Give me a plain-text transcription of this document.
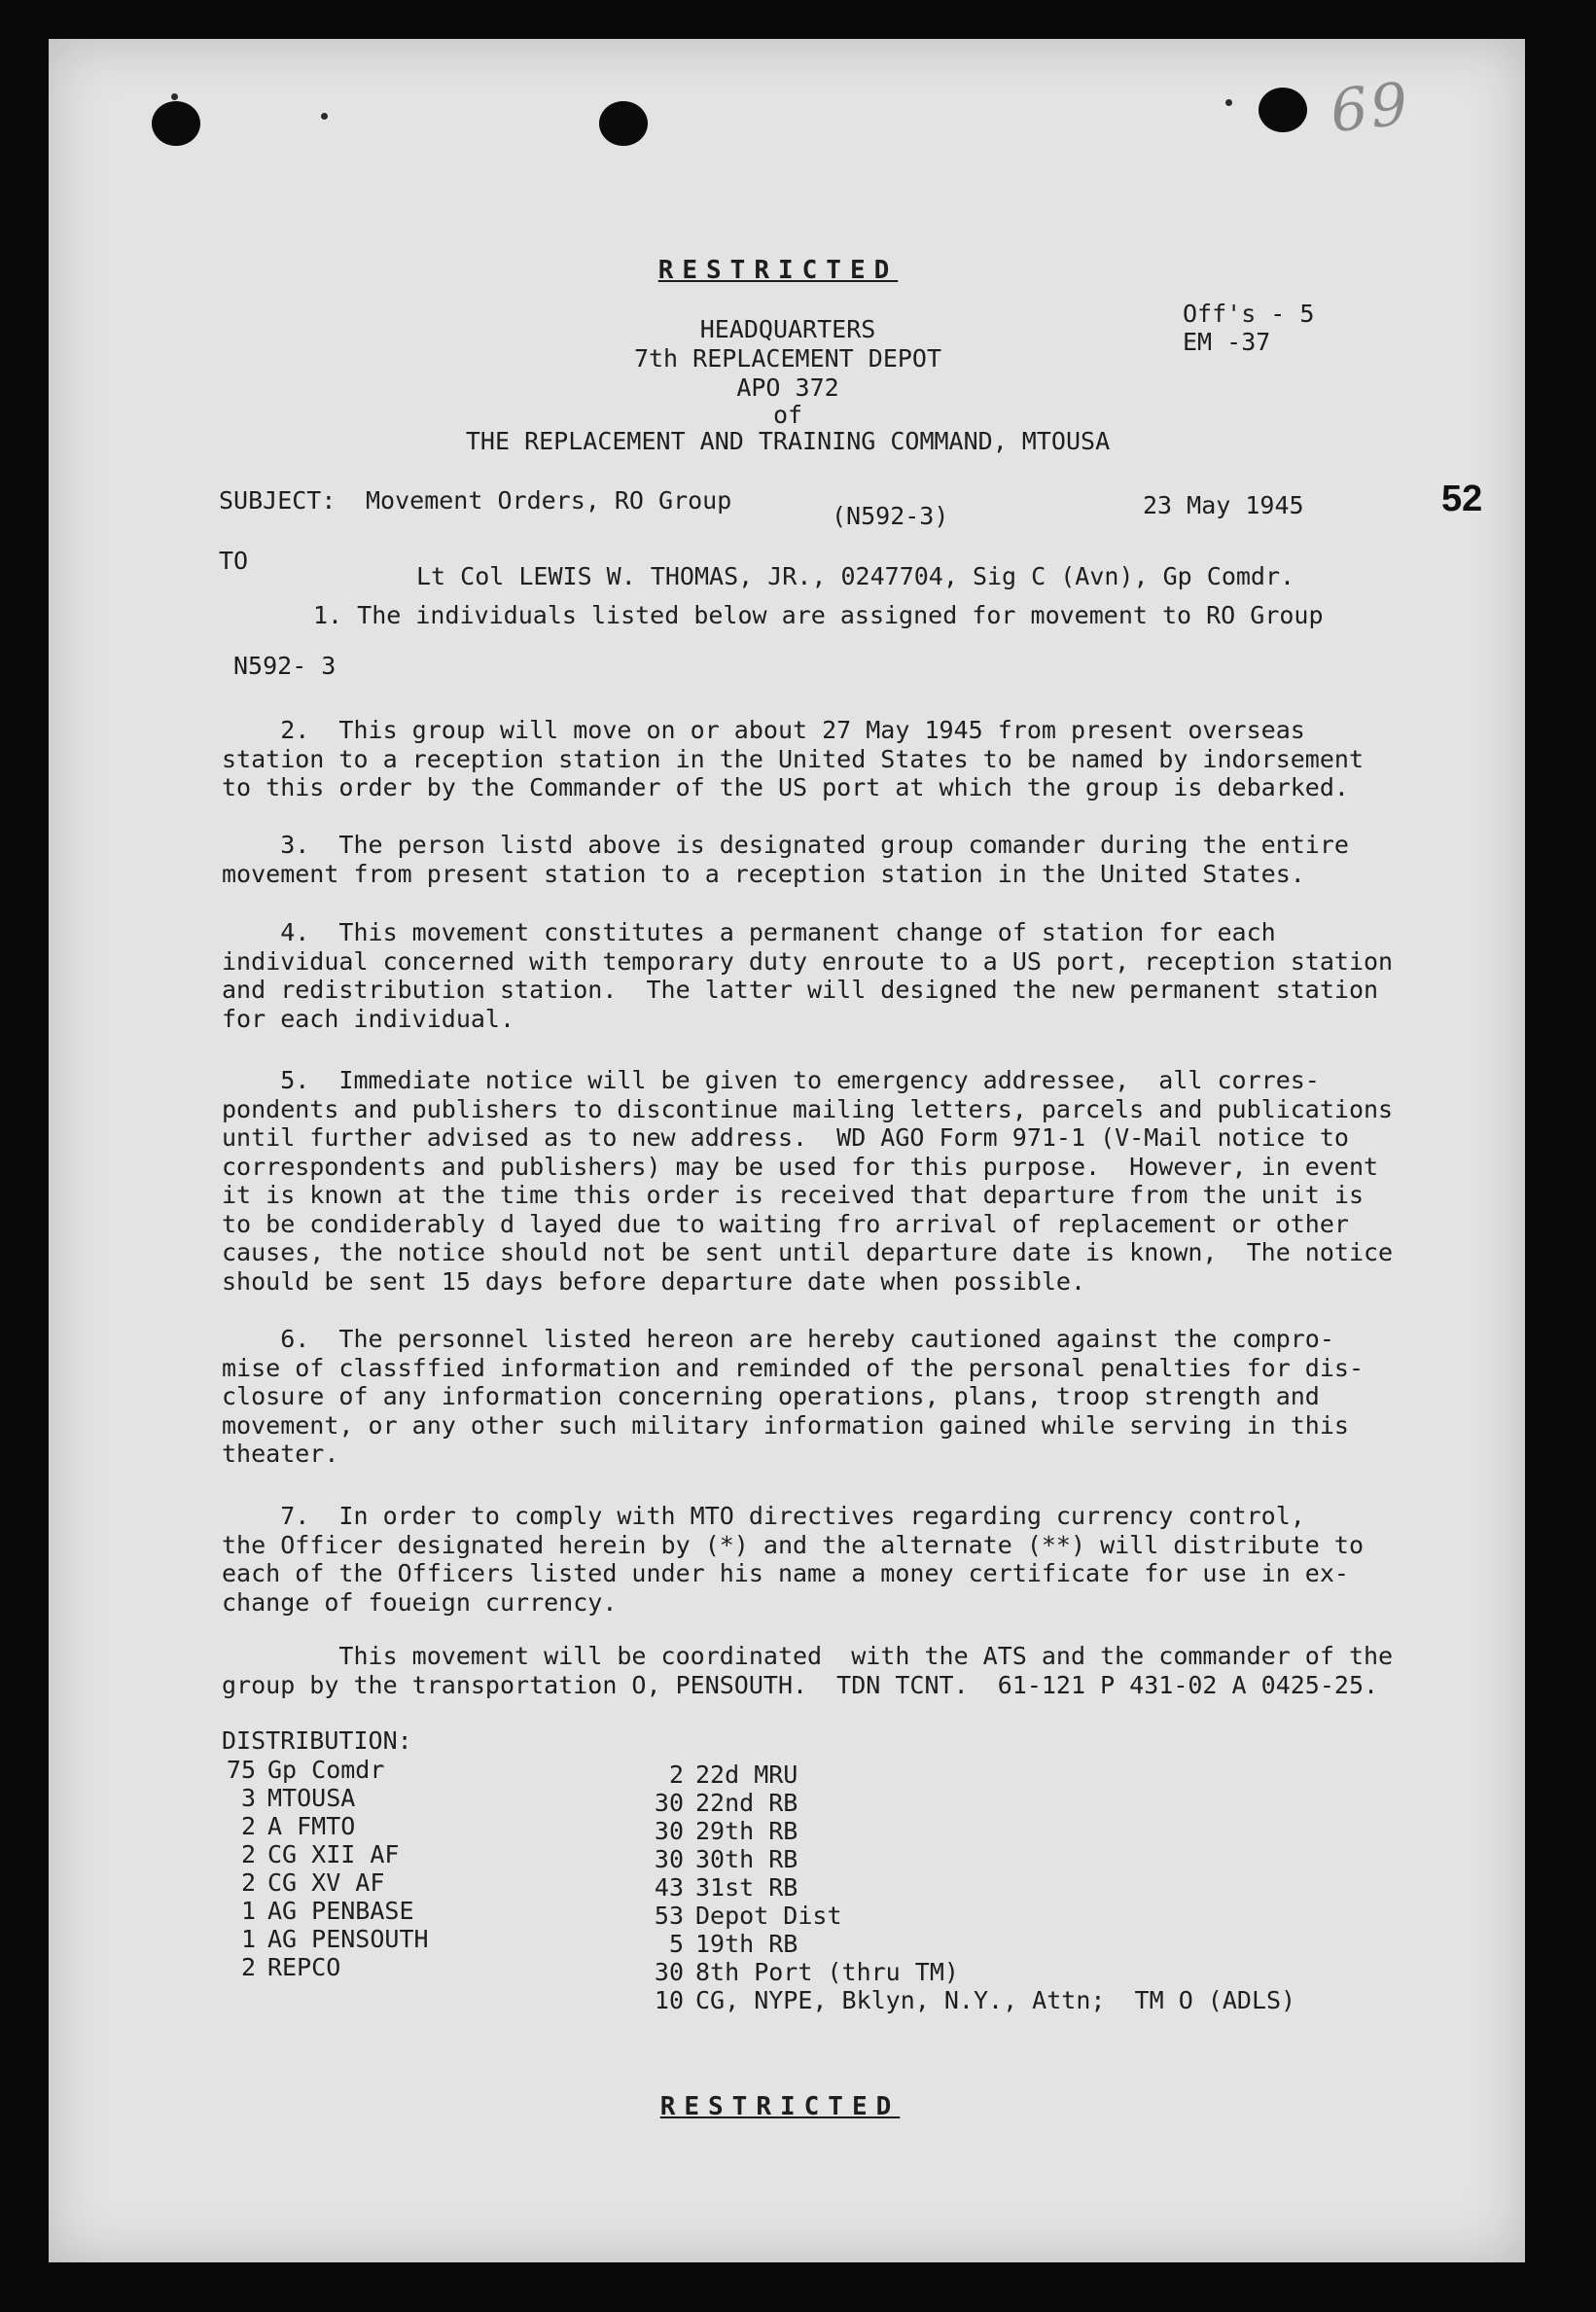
69
RESTRICTED
HEADQUARTERS
7th REPLACEMENT DEPOT
APO 372
of
THE REPLACEMENT AND TRAINING COMMAND, MTOUSA
Off's - 5
EM -37
SUBJECT: Movement Orders, RO Group
(N592-3)	23 May 1945	52
TO
Lt Col LEWIS W. THOMAS, JR., 0247704, Sig C (Avn), Gp Comdr.
1. The individuals listed below are assigned for movement to RO Group
N592- 3
2.  This group will move on or about 27 May 1945 from present overseas
station to a reception station in the United States to be named by indorsement
to this order by the Commander of the US port at which the group is debarked.
3.  The person listd above is designated group comander during the entire
movement from present station to a reception station in the United States.
4.  This movement constitutes a permanent change of station for each
individual concerned with temporary duty enroute to a US port, reception station
and redistribution station.  The latter will designed the new permanent station
for each individual.
5.  Immediate notice will be given to emergency addressee,  all corres-
pondents and publishers to discontinue mailing letters, parcels and publications
until further advised as to new address.  WD AGO Form 971-1 (V-Mail notice to
correspondents and publishers) may be used for this purpose.  However, in event
it is known at the time this order is received that departure from the unit is
to be condiderably d layed due to waiting fro arrival of replacement or other
causes, the notice should not be sent until departure date is known,  The notice
should be sent 15 days before departure date when possible.
6.  The personnel listed hereon are hereby cautioned against the compro-
mise of classffied information and reminded of the personal penalties for dis-
closure of any information concerning operations, plans, troop strength and
movement, or any other such military information gained while serving in this
theater.
7.  In order to comply with MTO directives regarding currency control,
the Officer designated herein by (*) and the alternate (**) will distribute to
each of the Officers listed under his name a money certificate for use in ex-
change of foueign currency.
This movement will be coordinated  with the ATS and the commander of the
group by the transportation O, PENSOUTH.  TDN TCNT.  61-121 P 431-02 A 0425-25.
DISTRIBUTION:
75 Gp Comdr
3 MTOUSA
2 A FMTO
2 CG XII AF
2 CG XV AF
1 AG PENBASE
1 AG PENSOUTH
2 REPCO
2 22d MRU
30 22nd RB
30 29th RB
30 30th RB
43 31st RB
53 Depot Dist
5 19th RB
30 8th Port (thru TM)
10 CG, NYPE, Bklyn, N.Y., Attn;  TM O (ADLS)
RESTRICTED
